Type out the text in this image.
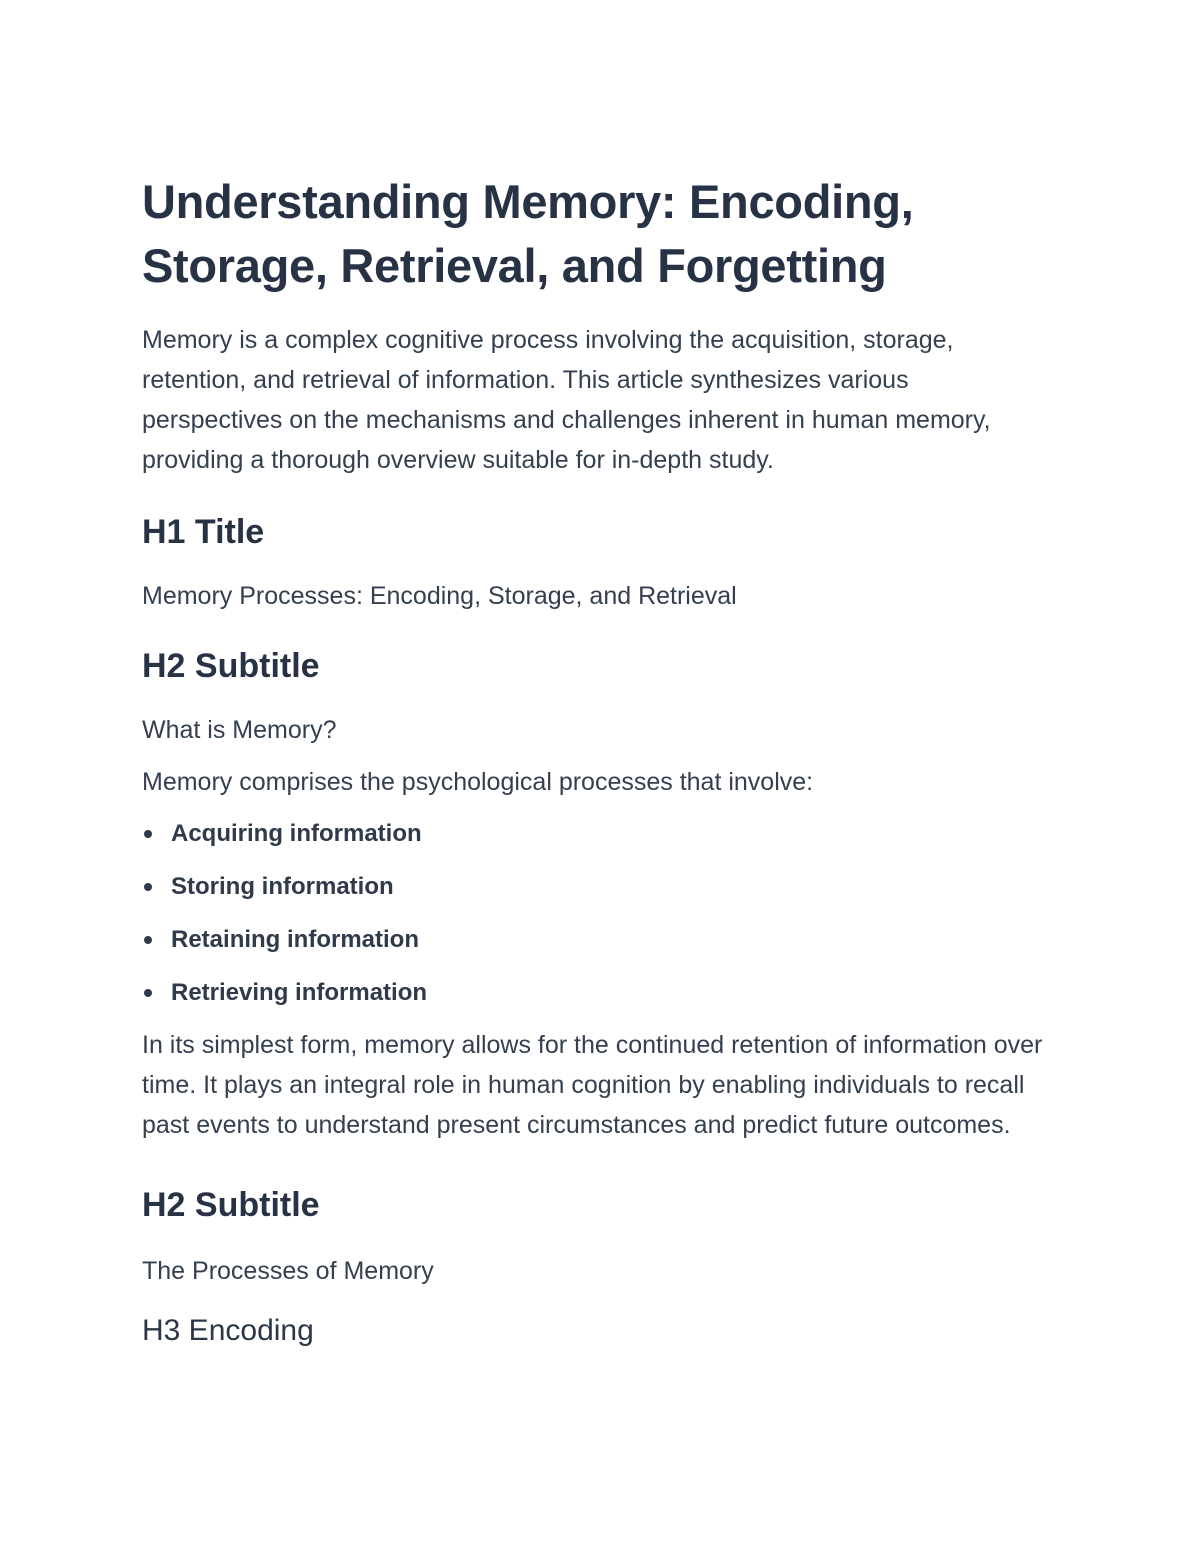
Understanding Memory: Encoding, Storage, Retrieval, and Forgetting

Memory is a complex cognitive process involving the acquisition, storage, retention, and retrieval of information. This article synthesizes various perspectives on the mechanisms and challenges inherent in human memory, providing a thorough overview suitable for in-depth study.

H1 Title

Memory Processes: Encoding, Storage, and Retrieval

H2 Subtitle

What is Memory?

Memory comprises the psychological processes that involve:

Acquiring information
Storing information
Retaining information
Retrieving information

In its simplest form, memory allows for the continued retention of information over time. It plays an integral role in human cognition by enabling individuals to recall past events to understand present circumstances and predict future outcomes.

H2 Subtitle

The Processes of Memory

H3 Encoding
